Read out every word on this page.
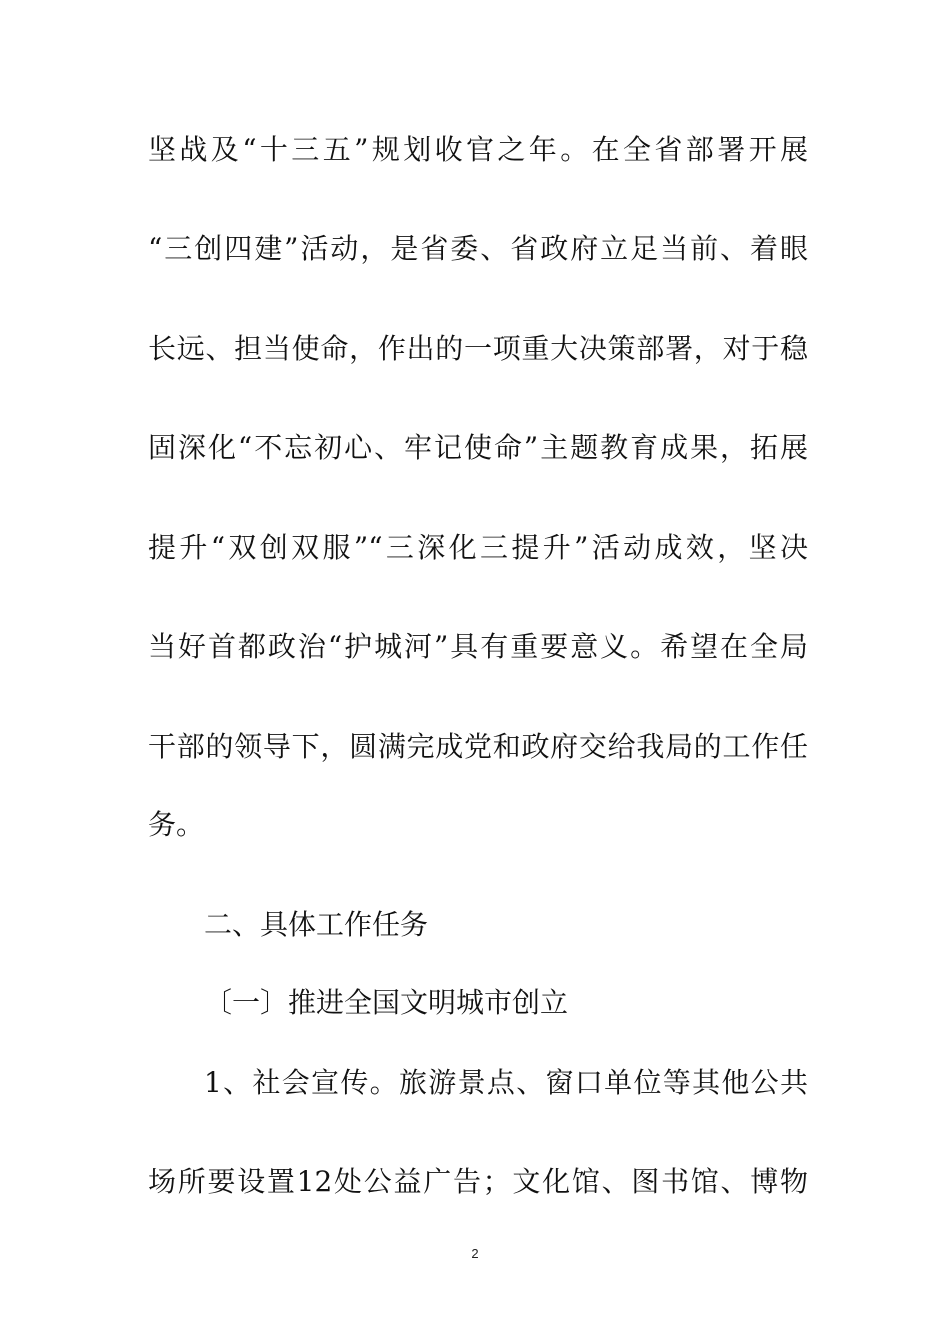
坚战及“十三五”规划收官之年。在全省部署开展
“三创四建”活动，是省委、省政府立足当前、着眼
长远、担当使命，作出的一项重大决策部署，对于稳
固深化“不忘初心、牢记使命”主题教育成果，拓展
提升“双创双服”“三深化三提升”活动成效，坚决
当好首都政治“护城河”具有重要意义。希望在全局
干部的领导下，圆满完成党和政府交给我局的工作任
务。
二、具体工作任务
〔一〕推进全国文明城市创立
1、社会宣传。旅游景点、窗口单位等其他公共
场所要设置12处公益广告；文化馆、图书馆、博物
2
